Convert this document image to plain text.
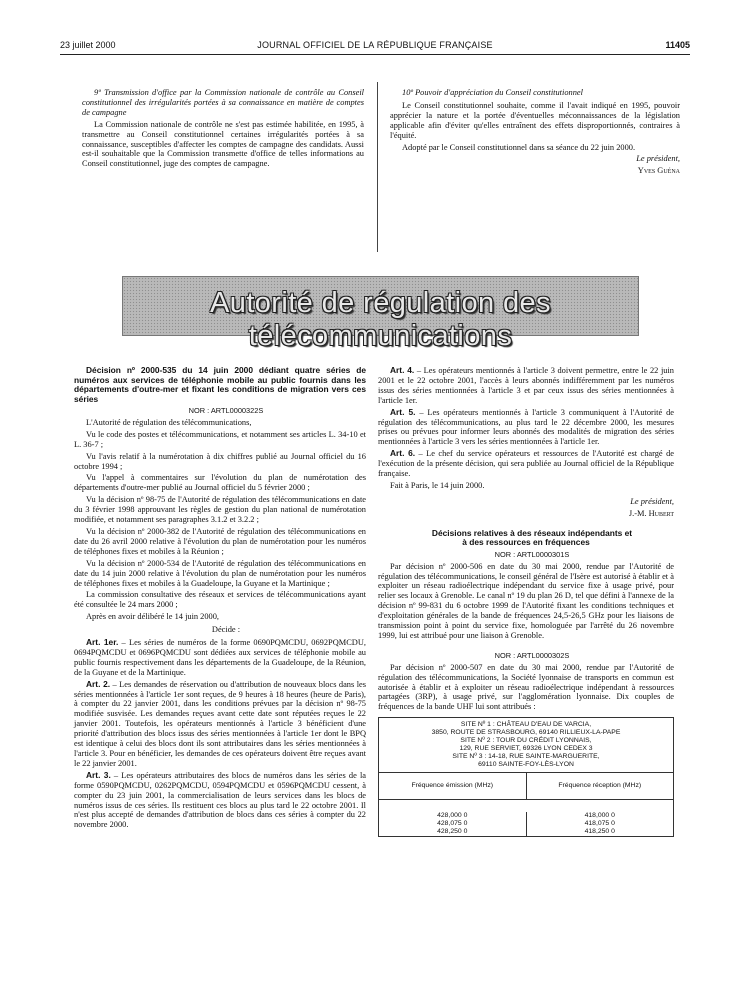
23 juillet 2000	JOURNAL OFFICIEL DE LA RÉPUBLIQUE FRANÇAISE	11405

9º Transmission d'office par la Commission nationale de contrôle au Conseil constitutionnel des irrégularités portées à sa connaissance en matière de comptes de campagne

La Commission nationale de contrôle ne s'est pas estimée habilitée, en 1995, à transmettre au Conseil constitutionnel certaines irrégularités portées à sa connaissance, susceptibles d'affecter les comptes de campagne des candidats. Aussi est-il souhaitable que la Commission transmette d'office de telles informations au Conseil constitutionnel, juge des comptes de campagne.

10º Pouvoir d'appréciation du Conseil constitutionnel

Le Conseil constitutionnel souhaite, comme il l'avait indiqué en 1995, pouvoir apprécier la nature et la portée d'éventuelles méconnaissances de la législation applicable afin d'éviter qu'elles entraînent des effets disproportionnés, contraires à l'équité.

Adopté par le Conseil constitutionnel dans sa séance du 22 juin 2000.

Le président,

Yves Guéna

Autorité de régulation des télécommunications

Décision nº 2000-535 du 14 juin 2000 dédiant quatre séries de numéros aux services de téléphonie mobile au public fournis dans les départements d'outre-mer et fixant les conditions de migration vers ces séries

NOR : ARTL0000322S

L'Autorité de régulation des télécommunications,

Vu le code des postes et télécommunications, et notamment ses articles L. 34-10 et L. 36-7 ;

Vu l'avis relatif à la numérotation à dix chiffres publié au Journal officiel du 16 octobre 1994 ;

Vu l'appel à commentaires sur l'évolution du plan de numérotation des départements d'outre-mer publié au Journal officiel du 5 février 2000 ;

Vu la décision nº 98-75 de l'Autorité de régulation des télécommunications en date du 3 février 1998 approuvant les règles de gestion du plan national de numérotation modifiée, et notamment ses paragraphes 3.1.2 et 3.2.2 ;

Vu la décision nº 2000-382 de l'Autorité de régulation des télécommunications en date du 26 avril 2000 relative à l'évolution du plan de numérotation pour les numéros de téléphones fixes et mobiles à la Réunion ;

Vu la décision nº 2000-534 de l'Autorité de régulation des télécommunications en date du 14 juin 2000 relative à l'évolution du plan de numérotation pour les numéros de téléphones fixes et mobiles à la Guadeloupe, la Guyane et la Martinique ;

La commission consultative des réseaux et services de télécommunications ayant été consultée le 24 mars 2000 ;

Après en avoir délibéré le 14 juin 2000,

Décide :

Art. 1er. – Les séries de numéros de la forme 0690PQMCDU, 0692PQMCDU, 0694PQMCDU et 0696PQMCDU sont dédiées aux services de téléphonie mobile au public fournis respectivement dans les départements de la Guadeloupe, de la Réunion, de la Guyane et de la Martinique.

Art. 2. – Les demandes de réservation ou d'attribution de nouveaux blocs dans les séries mentionnées à l'article 1er sont reçues, de 9 heures à 18 heures (heure de Paris), à compter du 22 janvier 2001, dans les conditions prévues par la décision nº 98-75 modifiée susvisée. Les demandes reçues avant cette date sont réputées reçues le 22 janvier 2001. Toutefois, les opérateurs mentionnés à l'article 3 bénéficient d'une priorité d'attribution des blocs issus des séries mentionnées à l'article 1er dont le BPQ est identique à celui des blocs dont ils sont attributaires dans les séries mentionnées à l'article 3. Pour en bénéficier, les demandes de ces opérateurs doivent être reçues avant le 22 janvier 2001.

Art. 3. – Les opérateurs attributaires des blocs de numéros dans les séries de la forme 0590PQMCDU, 0262PQMCDU, 0594PQMCDU et 0596PQMCDU cessent, à compter du 23 juin 2001, la commercialisation de leurs services dans les blocs de numéros issus de ces séries. Ils restituent ces blocs au plus tard le 22 octobre 2001. Il n'est plus accepté de demandes d'attribution de blocs dans ces séries à compter du 22 novembre 2000.

Art. 4. – Les opérateurs mentionnés à l'article 3 doivent permettre, entre le 22 juin 2001 et le 22 octobre 2001, l'accès à leurs abonnés indifféremment par les numéros issus des séries mentionnées à l'article 3 et par ceux issus des séries mentionnées à l'article 1er.

Art. 5. – Les opérateurs mentionnés à l'article 3 communiquent à l'Autorité de régulation des télécommunications, au plus tard le 22 décembre 2000, les mesures prises ou prévues pour informer leurs abonnés des modalités de migration des séries mentionnées à l'article 3 vers les séries mentionnées à l'article 1er.

Art. 6. – Le chef du service opérateurs et ressources de l'Autorité est chargé de l'exécution de la présente décision, qui sera publiée au Journal officiel de la République française.

Fait à Paris, le 14 juin 2000.

Le président,

J.-M. Hubert

Décisions relatives à des réseaux indépendants et à des ressources en fréquences

NOR : ARTL0000301S

Par décision nº 2000-506 en date du 30 mai 2000, rendue par l'Autorité de régulation des télécommunications, le conseil général de l'Isère est autorisé à établir et à exploiter un réseau radioélectrique indépendant du service fixe à usage privé, pour relier ses locaux à Grenoble. Le canal nº 19 du plan 26 D, tel que défini à l'annexe de la décision nº 99-831 du 6 octobre 1999 de l'Autorité fixant les conditions techniques et d'exploitation générales de la bande de fréquences 24,5-26,5 GHz pour les liaisons de transmission point à point du service fixe, homologuée par l'arrêté du 26 novembre 1999, lui est attribué pour une liaison à Grenoble.

NOR : ARTL0000302S

Par décision nº 2000-507 en date du 30 mai 2000, rendue par l'Autorité de régulation des télécommunications, la Société lyonnaise de transports en commun est autorisée à établir et à exploiter un réseau radioélectrique indépendant à ressources partagées (3RP), à usage privé, sur l'agglomération lyonnaise. Dix couples de fréquences de la bande UHF lui sont attribués :

SITE Nº 1 : CHÂTEAU D'EAU DE VARCIA,
3850, ROUTE DE STRASBOURG, 69140 RILLIEUX-LA-PAPE
SITE Nº 2 : TOUR DU CRÉDIT LYONNAIS,
129, RUE SERVIET, 69326 LYON CEDEX 3
SITE Nº 3 : 14-18, RUE SAINTE-MARGUERITE,
69110 SAINTE-FOY-LÈS-LYON
Fréquence émission (MHz)	Fréquence réception (MHz)
428,000 0	418,000 0
428,075 0	418,075 0
428,250 0	418,250 0
